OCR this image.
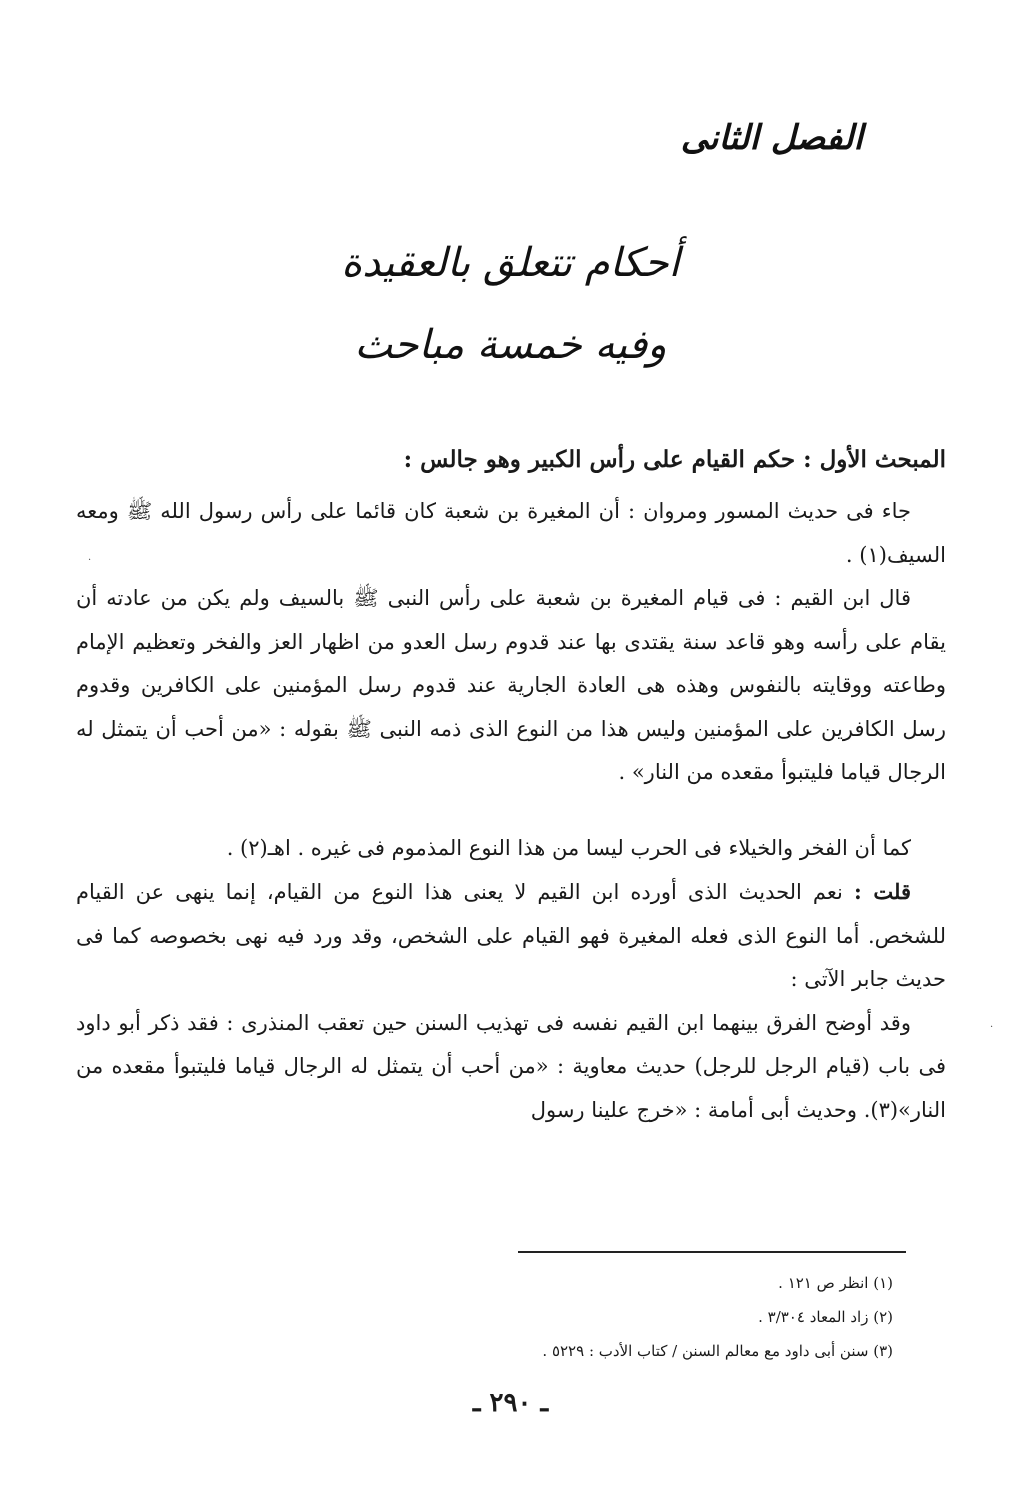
الفصل الثانى
أحكام تتعلق بالعقيدة
وفيه خمسة مباحث
المبحث الأول : حكم القيام على رأس الكبير وهو جالس :

جاء فى حديث المسور ومروان : أن المغيرة بن شعبة كان قائما على رأس رسول الله ﷺ ومعه السيف(١) .

قال ابن القيم : فى قيام المغيرة بن شعبة على رأس النبى ﷺ بالسيف ولم يكن من عادته أن يقام على رأسه وهو قاعد سنة يقتدى بها عند قدوم رسل العدو من اظهار العز والفخر وتعظيم الإمام وطاعته ووقايته بالنفوس وهذه هى العادة الجارية عند قدوم رسل المؤمنين على الكافرين وقدوم رسل الكافرين على المؤمنين وليس هذا من النوع الذى ذمه النبى ﷺ بقوله : «من أحب أن يتمثل له الرجال قياما فليتبوأ مقعده من النار» .

كما أن الفخر والخيلاء فى الحرب ليسا من هذا النوع المذموم فى غيره . اهـ(٢) .

قلت : نعم الحديث الذى أورده ابن القيم لا يعنى هذا النوع من القيام، إنما ينهى عن القيام للشخص. أما النوع الذى فعله المغيرة فهو القيام على الشخص، وقد ورد فيه نهى بخصوصه كما فى حديث جابر الآتى :

وقد أوضح الفرق بينهما ابن القيم نفسه فى تهذيب السنن حين تعقب المنذرى : فقد ذكر أبو داود فى باب (قيام الرجل للرجل) حديث معاوية : «من أحب أن يتمثل له الرجال قياما فليتبوأ مقعده من النار»(٣). وحديث أبى أمامة : «خرج علينا رسول

(١) انظر ص ١٢١ .
(٢) زاد المعاد ٣/٣٠٤ .
(٣) سنن أبى داود مع معالم السنن / كتاب الأدب : ٥٢٢٩ .
ـ ٢٩٠ ـ
·
·
